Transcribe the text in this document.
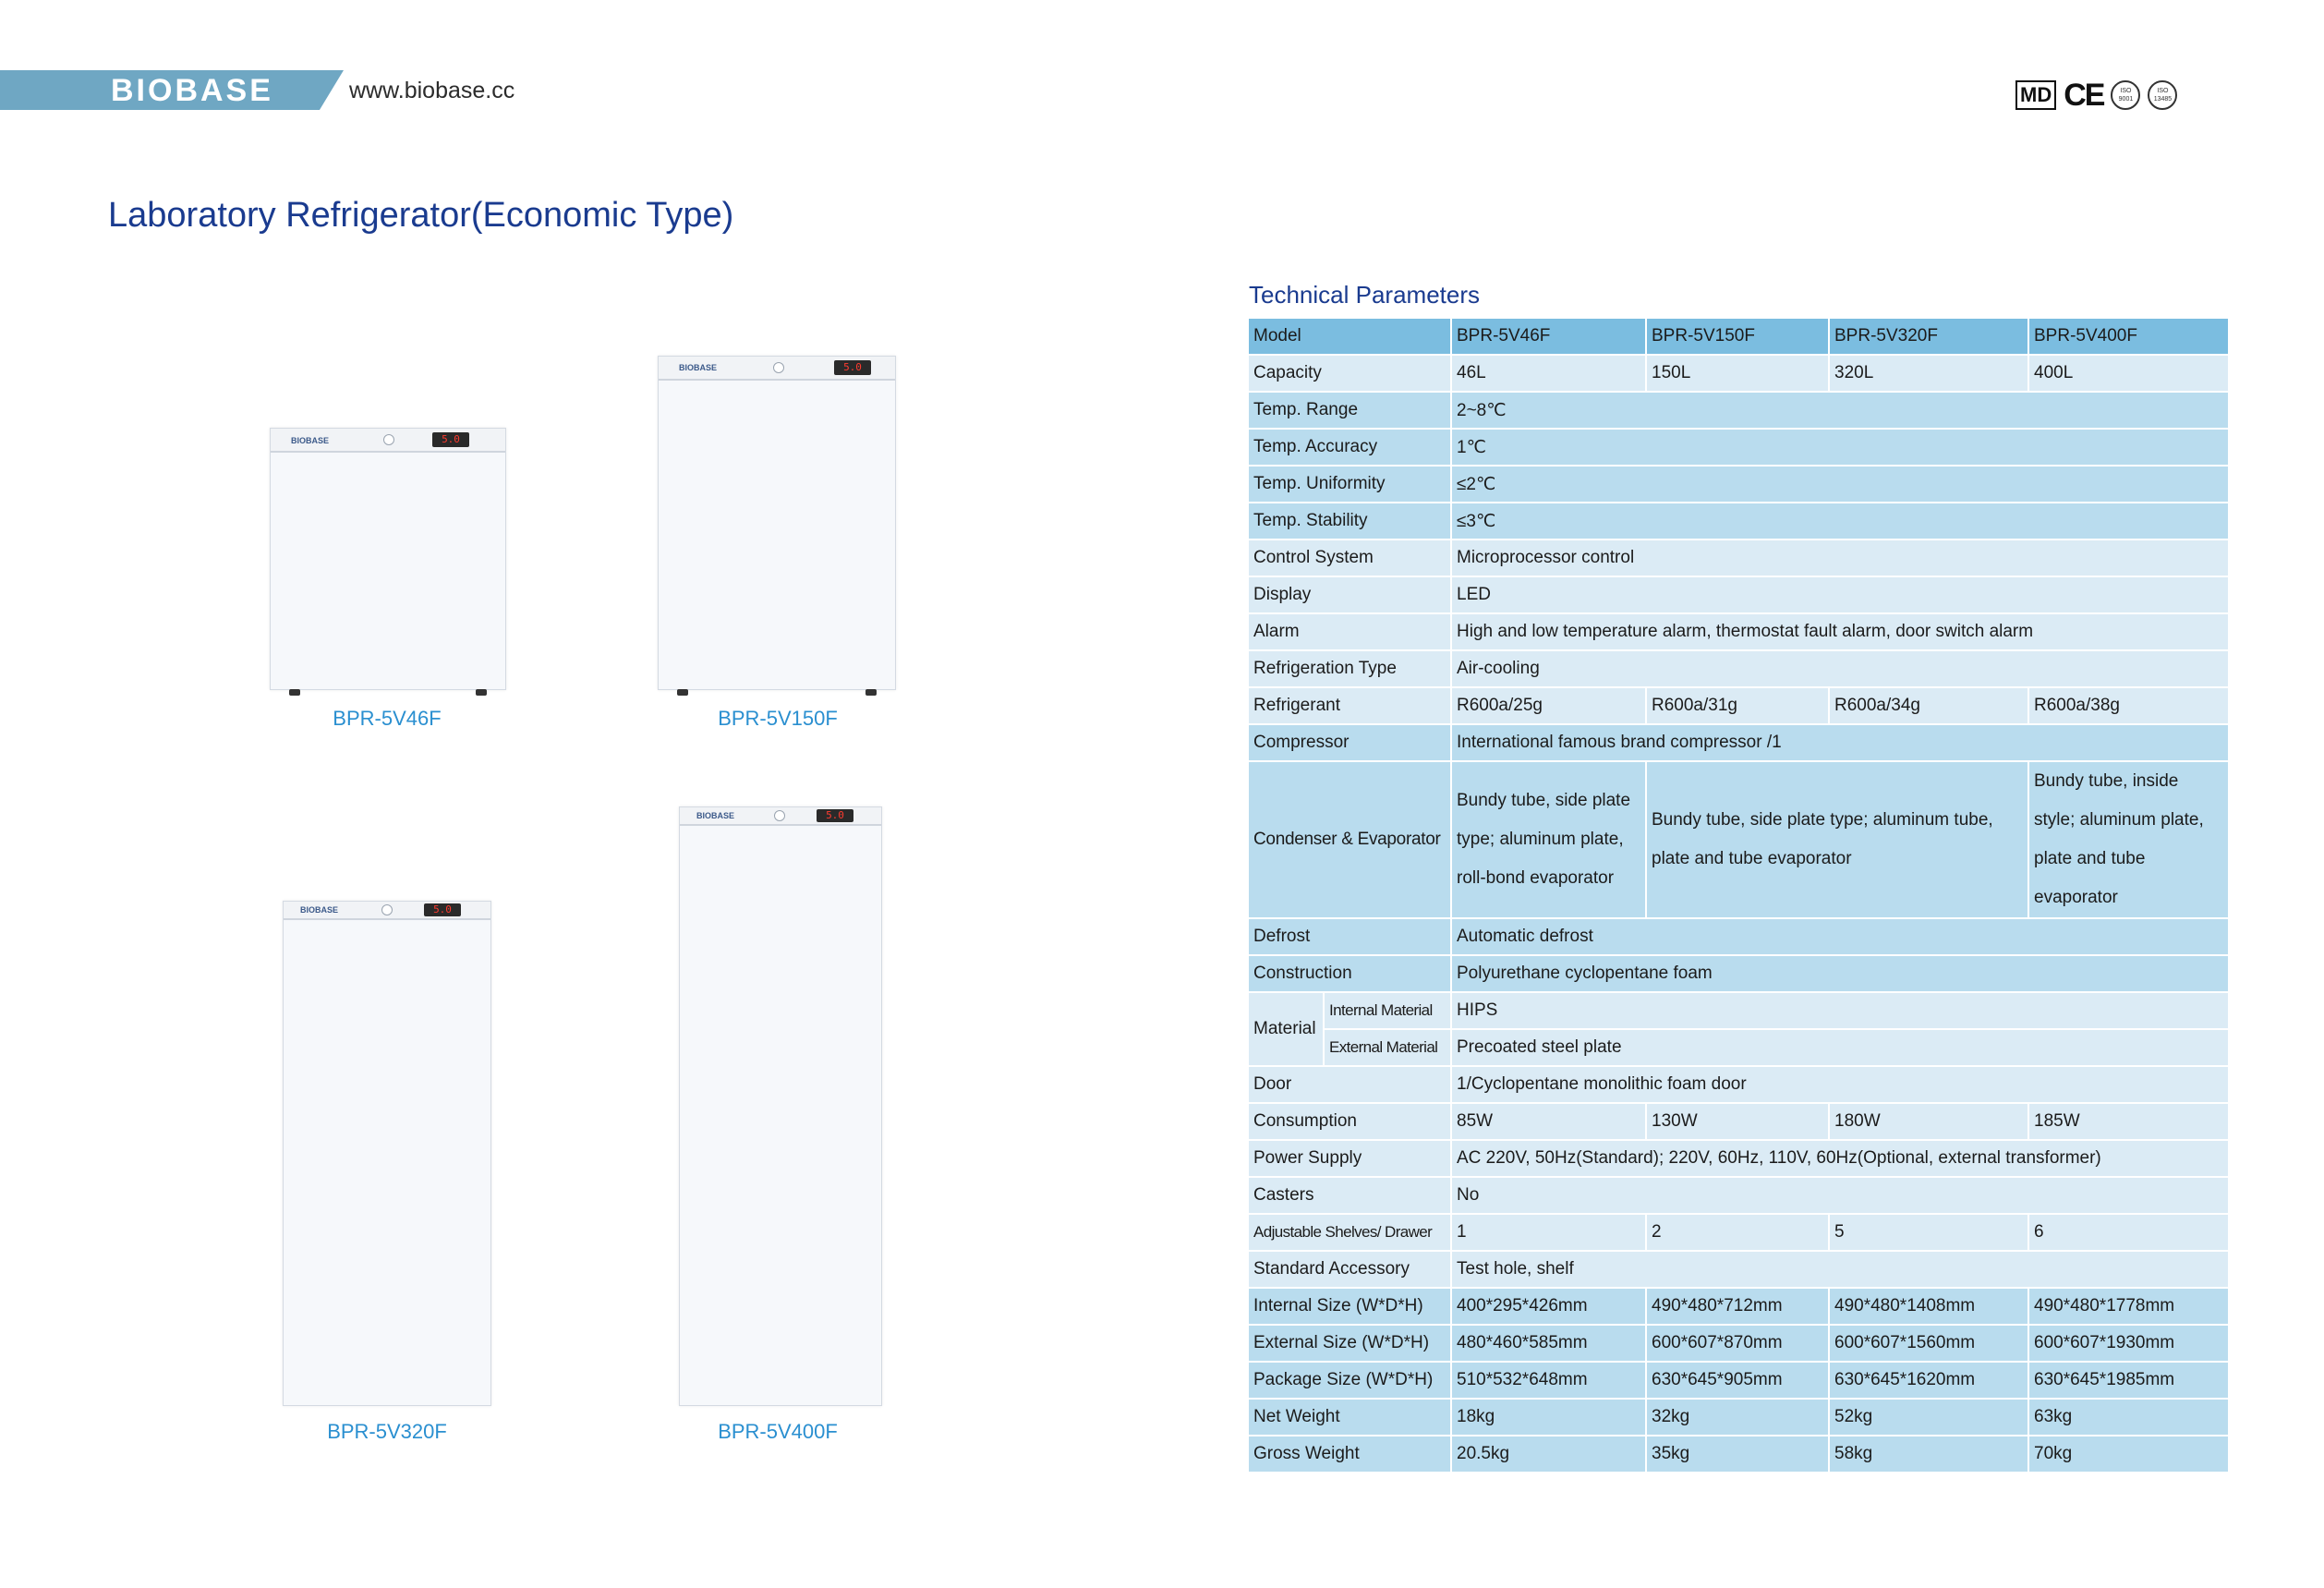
BIOBASE	www.biobase.cc	MD CE	ISO 9001
ISO 13485
Laboratory Refrigerator(Economic Type)
Technical Parameters
BIOBASE	5.0
BPR-5V46F
BIOBASE	5.0
BPR-5V150F
BIOBASE	5.0
BPR-5V320F
BIOBASE	5.0
BPR-5V400F
Model		BPR-5V46F	BPR-5V150F	BPR-5V320F	BPR-5V400F
Capacity		46L	150L	320L	400L
Temp. Range		2~8℃			
Temp. Accuracy		1℃			
Temp. Uniformity		≤2℃			
Temp. Stability		≤3℃			
Control System		Microprocessor control			
Display		LED			
Alarm		High and low temperature alarm, thermostat fault alarm, door switch alarm			
Refrigeration Type		Air-cooling			
Refrigerant		R600a/25g	R600a/31g	R600a/34g	R600a/38g
Compressor		International famous brand compressor /1			
Condenser & Evaporator		Bundy tube, side plate type; aluminum plate, roll-bond evaporator	Bundy tube, side plate type; aluminum tube, plate and tube evaporator		Bundy tube, inside style; aluminum plate, plate and tube evaporator
Defrost		Automatic defrost			
Construction		Polyurethane cyclopentane foam			
Material	Internal Material	HIPS			
	External Material	Precoated steel plate			
Door		1/Cyclopentane monolithic foam door			
Consumption		85W	130W	180W	185W
Power Supply		AC 220V, 50Hz(Standard); 220V, 60Hz, 110V, 60Hz(Optional, external transformer)			
Casters		No			
Adjustable Shelves/ Drawer		1	2	5	6
Standard Accessory		Test hole, shelf			
Internal Size (W*D*H)		400*295*426mm	490*480*712mm	490*480*1408mm	490*480*1778mm
External Size (W*D*H)		480*460*585mm	600*607*870mm	600*607*1560mm	600*607*1930mm
Package Size (W*D*H)		510*532*648mm	630*645*905mm	630*645*1620mm	630*645*1985mm
Net Weight		18kg	32kg	52kg	63kg
Gross Weight		20.5kg	35kg	58kg	70kg
